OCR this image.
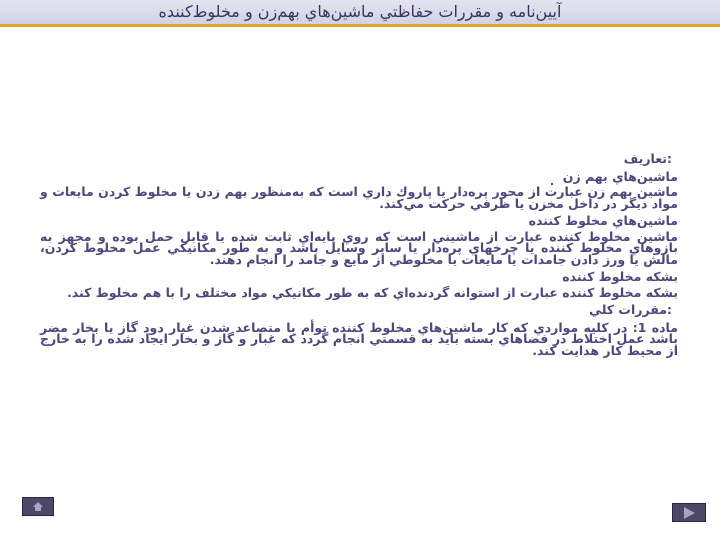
آيين‌نامه و مقررات حفاظتي ماشين‌هاي بهم‌زن و مخلوط‌كننده

:تعاريف

ماشين‌هاي بهم زن

ماشين بهم زن عبارت از محور پره‌دار يا پاروك داري است كه به‌منظور بهم زدن يا مخلوط كردن مايعات و مواد ديگر در داخل مخزن يا ظرفي حركت مي‌كند.

ماشين‌هاي مخلوط كننده

ماشين مخلوط كننده عبارت از ماشيني است كه روي پايه‌اي ثابت شده يا قابل حمل بوده و مجهز به بازوهاي مخلوط كننده يا چرخهاي پره‌دار يا ساير وسايل باشد و به طور مكانيكي عمل مخلوط كردن، مالش يا ورز دادن جامدات يا مايعات يا مخلوطي از مايع و جامد را انجام دهند.

بشكه مخلوط كننده

بشكه مخلوط كننده عبارت از استوانه گردنده‌اي كه به طور مكانيكي مواد مختلف را با هم مخلوط كند.

:مقررات كلي

ماده 1: در كليه مواردي كه كار ماشين‌هاي مخلوط كننده توأم با متصاعد شدن غبار دود گاز يا بخار مضر باشد عمل اختلاط در فضاهاي بسته بايد به قسمتي انجام گردد كه غبار و گاز و بخار ايجاد شده را به خارج از محيط كار هدايت كند.
